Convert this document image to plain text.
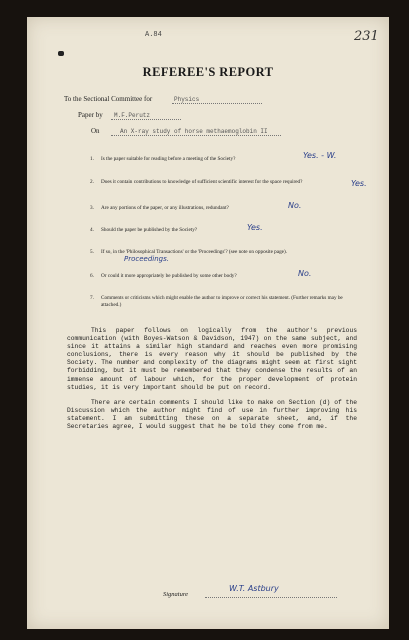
A.84	231
REFEREE'S REPORT
To the Sectional Committee for	Physics
Paper by M.F.Perutz
On	An X-ray study of horse methaemoglobin II
1. Is the paper suitable for reading before a meeting of the Society?	Yes. - W.
2. Does it contain contributions to knowledge of sufficient scientific interest for the space required?	Yes.
3. Are any portions of the paper, or any illustrations, redundant?	No.
4. Should the paper be published by the Society?	Yes.
5. If so, in the 'Philosophical Transactions' or the 'Proceedings'? (see note on opposite page).
Proceedings.
6. Or could it more appropriately be published by some other body?	No.
7. Comments or criticisms which might enable the author to improve or correct his statement. (Further remarks may be attached.)

This paper follows on logically from the author's previous communication (with Boyes-Watson & Davidson, 1947) on the same subject, and since it attains a similar high standard and reaches even more promising conclusions, there is every reason why it should be published by the Society. The number and complexity of the diagrams might seem at first sight forbidding, but it must be remembered that they condense the results of an immense amount of labour which, for the proper development of protein studies, it is very important should be put on record.

There are certain comments I should like to make on Section (d) of the Discussion which the author might find of use in further improving his statement. I am submitting these on a separate sheet, and, if the Secretaries agree, I would suggest that he be told they come from me.

Signature
W.T. Astbury
